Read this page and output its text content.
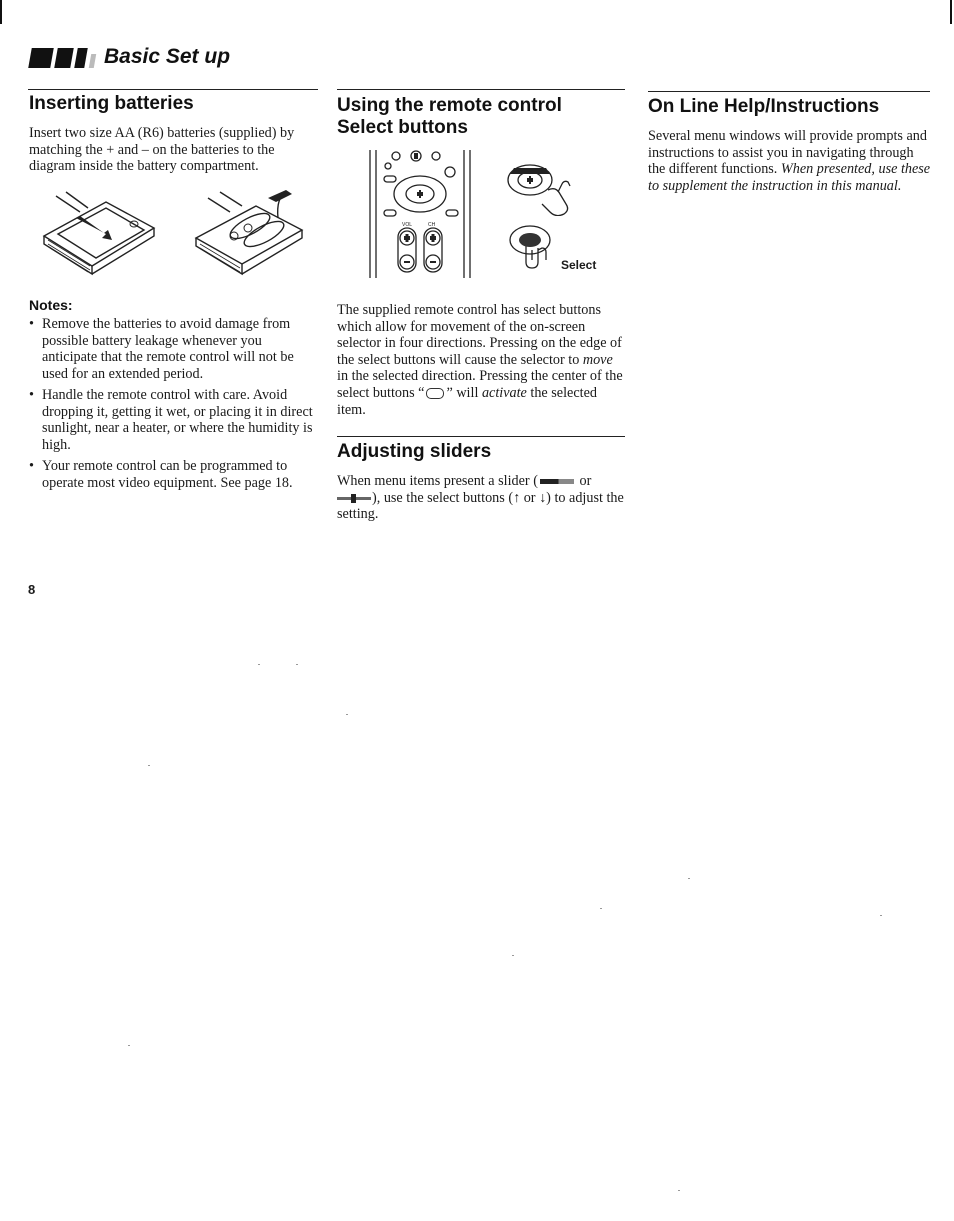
Basic Set up
Inserting batteries
Insert two size AA (R6) batteries (supplied) by matching the + and – on the batteries to the diagram inside the battery compartment.
Notes:
• Remove the batteries to avoid damage from possible battery leakage whenever you anticipate that the remote control will not be used for an extended period.
• Handle the remote control with care. Avoid dropping it, getting it wet, or placing it in direct sunlight, near a heater, or where the humidity is high.
• Your remote control can be programmed to operate most video equipment. See page 18.
8
Using the remote control
Select buttons
VOL	CH
Select
The supplied remote control has select buttons which allow for movement of the on-screen selector in four directions. Pressing on the edge of the select buttons will cause the selector to move in the selected direction. Pressing the center of the select buttons “ ” will activate the selected item.
Adjusting sliders
When menu items present a slider (	or

), use the select buttons (↑ or ↓) to adjust the setting.
On Line Help/Instructions
Several menu windows will provide prompts and instructions to assist you in navigating through the different functions. When presented, use these to supplement the instruction in this manual.
